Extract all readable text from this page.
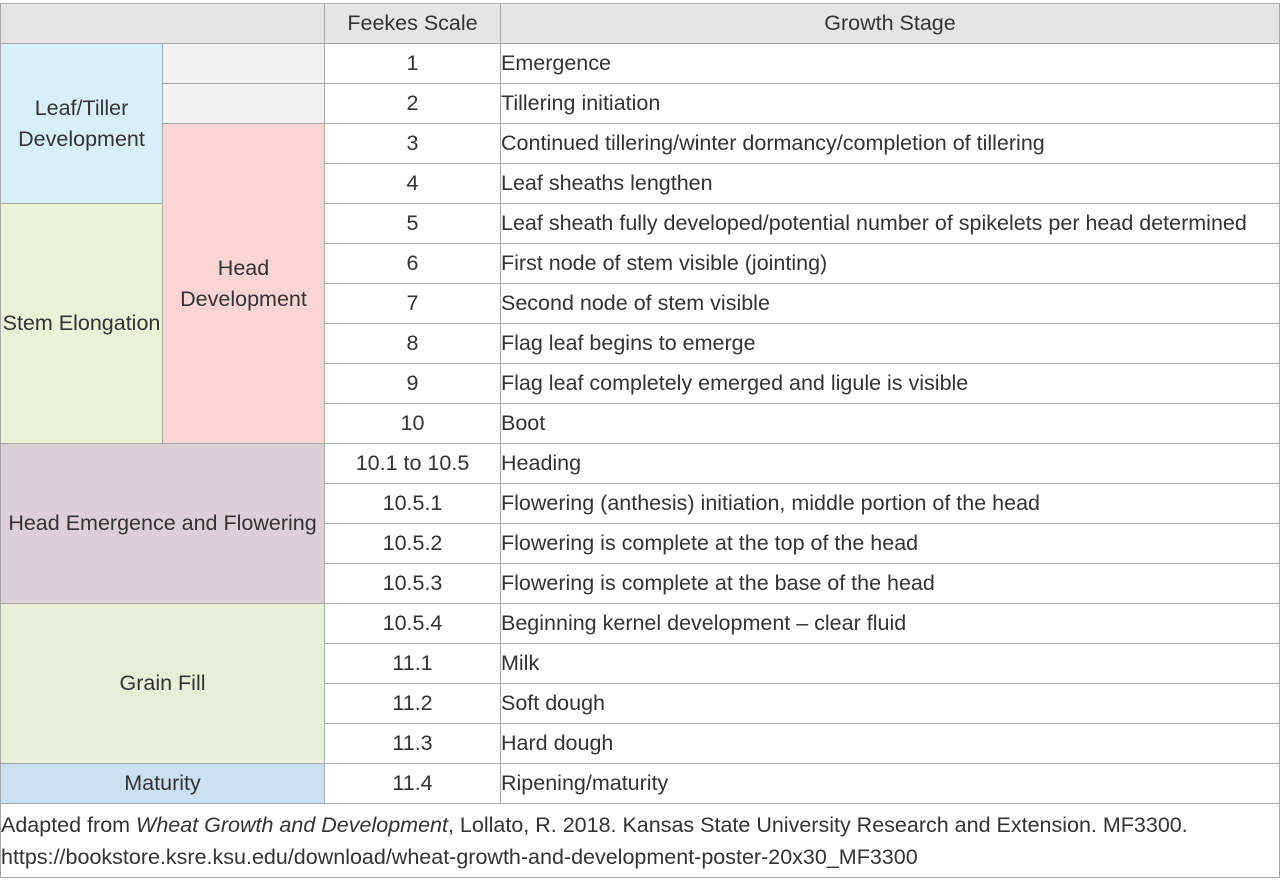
		Feekes Scale	Growth Stage
Leaf/Tiller Development		1	Emergence
		2	Tillering initiation
	Head Development	3	Continued tillering/winter dormancy/completion of tillering
		4	Leaf sheaths lengthen
Stem Elongation		5	Leaf sheath fully developed/potential number of spikelets per head determined
		6	First node of stem visible (jointing)
		7	Second node of stem visible
		8	Flag leaf begins to emerge
		9	Flag leaf completely emerged and ligule is visible
		10	Boot
Head Emergence and Flowering		10.1 to 10.5	Heading
		10.5.1	Flowering (anthesis) initiation, middle portion of the head
		10.5.2	Flowering is complete at the top of the head
		10.5.3	Flowering is complete at the base of the head
Grain Fill		10.5.4	Beginning kernel development – clear fluid
		11.1	Milk
		11.2	Soft dough
		11.3	Hard dough
Maturity		11.4	Ripening/maturity
Adapted from Wheat Growth and Development, Lollato, R. 2018. Kansas State University Research and Extension. MF3300.
https://bookstore.ksre.ksu.edu/download/wheat-growth-and-development-poster-20x30_MF3300			
